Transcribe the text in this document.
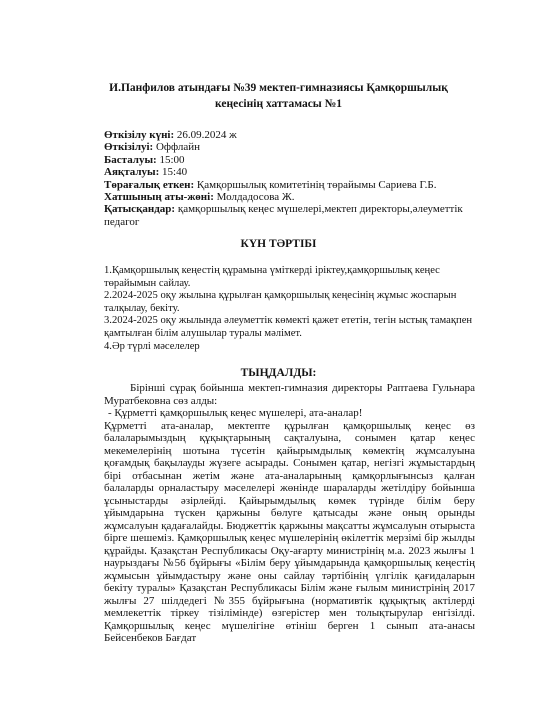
И.Панфилов атындағы №39 мектеп-гимназиясы Қамқоршылық
кеңесінің хаттамасы №1
Өткізілу күні: 26.09.2024 ж
Өткізілуі: Оффлайн
Басталуы: 15:00
Аяқталуы: 15:40
Төрағалық еткен: Қамқоршылық комитетінің төрайымы Сариева Г.Б.
Хатшының аты-жөні: Молдадосова Ж.
Қатысқандар: қамқоршылық кеңес мүшелері,мектеп директоры,әлеуметтік
педагог
КҮН ТӘРТІБІ
1.Қамқоршылық кеңестің құрамына үміткерді іріктеу,қамқоршылық кеңес төрайымын сайлау.
2.2024-2025 оқу жылына құрылған қамқоршылық кеңесінің жұмыс жоспарын талқылау, бекіту.
3.2024-2025 оқу жылында әлеуметтік көмекті қажет ететін, тегін ыстық тамақпен қамтылған білім алушылар туралы мәлімет.
4.Әр түрлі мәселелер
ТЫҢДАЛДЫ:

Бірінші сұрақ бойынша мектеп-гимназия директоры Раптаева Гульнара Муратбековна сөз алды:

- Құрметті қамқоршылық кеңес мүшелері, ата-аналар!

Құрметті ата-аналар, мектепте құрылған қамқоршылық кеңес өз балаларымыздың құқықтарының сақталуына, сонымен қатар кеңес мекемелерінің шотына түсетін қайырымдылық көмектің жұмсалуына қоғамдық бақылауды жүзеге асырады. Сонымен қатар, негізгі жұмыстардың бірі отбасынан жетім және ата-аналарының қамқорлығынсыз қалған балаларды орналастыру мәселелері жөнінде шараларды жетілдіру бойынша ұсыныстарды әзірлейді. Қайырымдылық көмек түрінде білім беру ұйымдарына түскен қаржыны бөлуге қатысады және оның орынды жұмсалуын қадағалайды. Бюджеттік қаржыны мақсатты жұмсалуын отырыста бірге шешеміз. Қамқоршылық кеңес мүшелерінің өкілеттік мерзімі бір жылды құрайды. Қазақстан Республикасы Оқу-ағарту министрінің м.а. 2023 жылғы 1 наурыздағы №56 бұйрығы «Білім беру ұйымдарында қамқоршылық кеңестің жұмысын ұйымдастыру және оны сайлау тәртібінің үлгілік қағидаларын бекіту туралы» Қазақстан Республикасы Білім және ғылым министрінің 2017 жылғы 27 шілдедегі №355 бұйрығына (нормативтік құқықтық актілерді мемлекеттік тіркеу тізілімінде) өзгерістер мен толықтырулар енгізілді. Қамқоршылық кеңес мүшелігіне өтініш берген 1 сынып ата-анасы Бейсенбеков Бағдат
